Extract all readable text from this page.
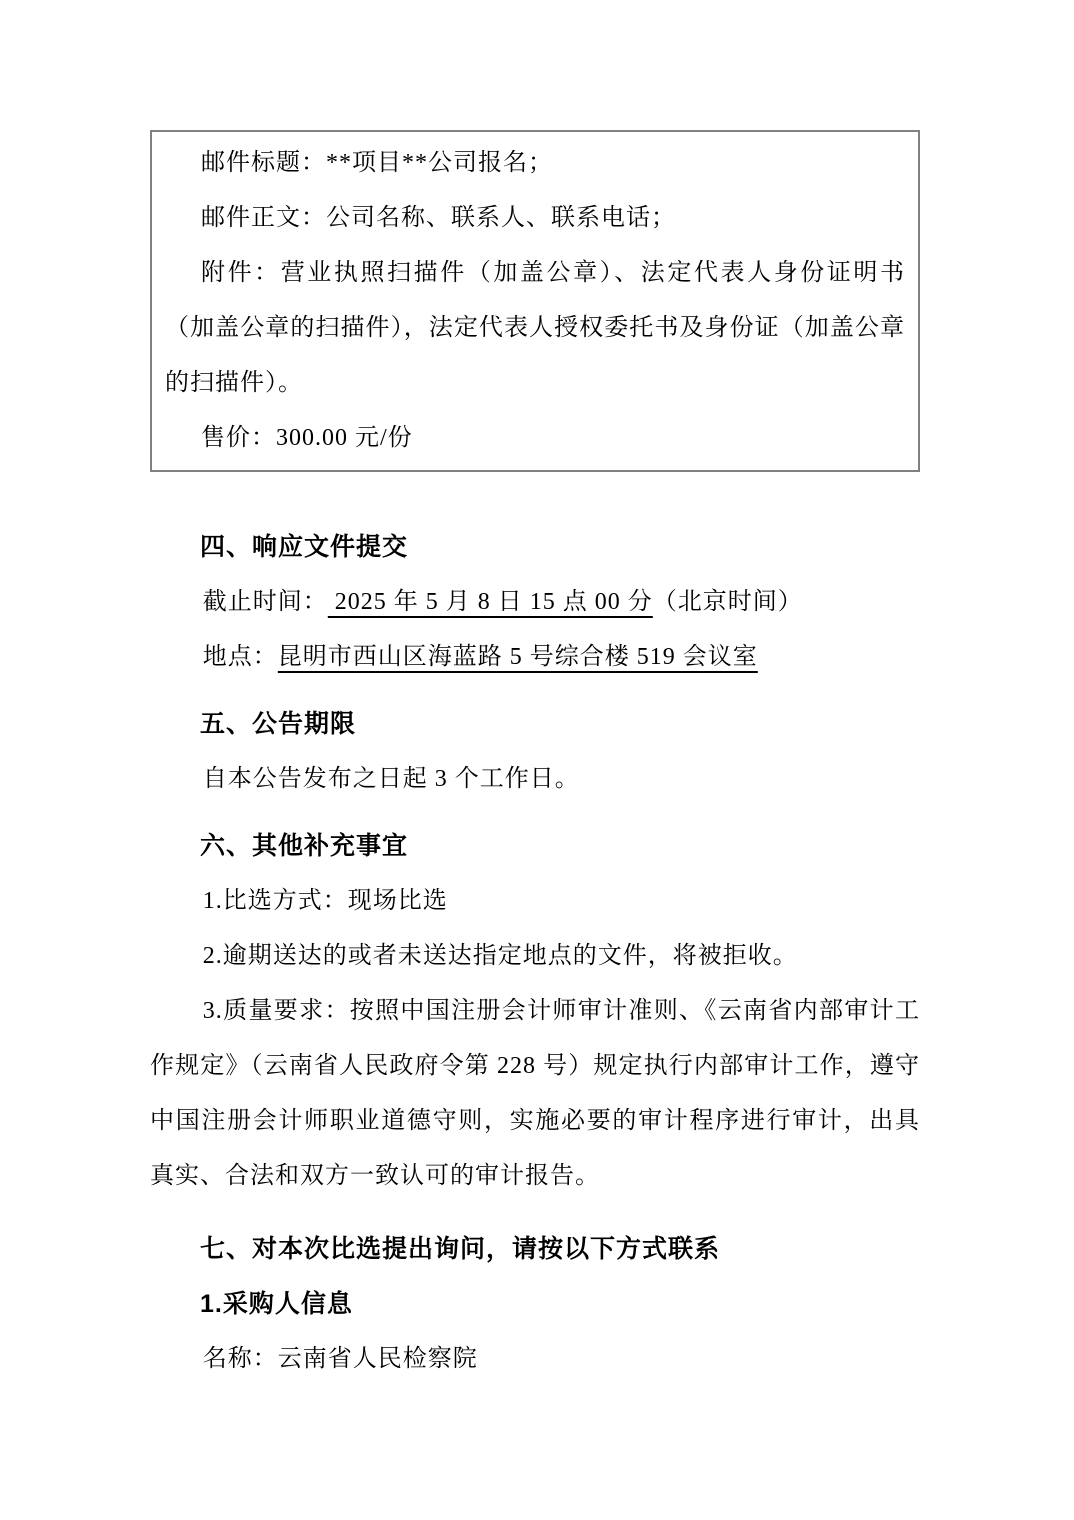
邮件标题：**项目**公司报名；

邮件正文：公司名称、联系人、联系电话；

附件：营业执照扫描件（加盖公章）、法定代表人身份证明书（加盖公章的扫描件），法定代表人授权委托书及身份证（加盖公章的扫描件）。

售价：300.00 元/份

四、响应文件提交

截止时间： 2025 年 5 月 8 日 15 点 00 分（北京时间）

地点：昆明市西山区海蓝路 5 号综合楼 519 会议室

五、公告期限

自本公告发布之日起 3 个工作日。

六、其他补充事宜

1.比选方式：现场比选

2.逾期送达的或者未送达指定地点的文件，将被拒收。

3.质量要求：按照中国注册会计师审计准则、《云南省内部审计工作规定》（云南省人民政府令第 228 号）规定执行内部审计工作，遵守中国注册会计师职业道德守则，实施必要的审计程序进行审计，出具真实、合法和双方一致认可的审计报告。

七、对本次比选提出询问，请按以下方式联系
1.采购人信息

名称：云南省人民检察院
